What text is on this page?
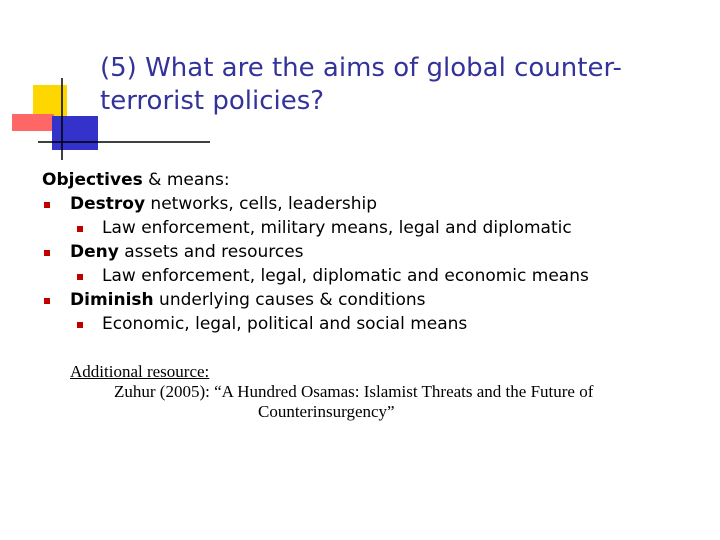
(5) What are the aims of global counter-
terrorist policies?
Objectives & means:
Destroy networks, cells, leadership
Law enforcement, military means, legal and diplomatic
Deny assets and resources
Law enforcement, legal, diplomatic and economic means
Diminish underlying causes & conditions
Economic, legal, political and social means
Additional resource:
Zuhur (2005): “A Hundred Osamas: Islamist Threats and the Future of
Counterinsurgency”
